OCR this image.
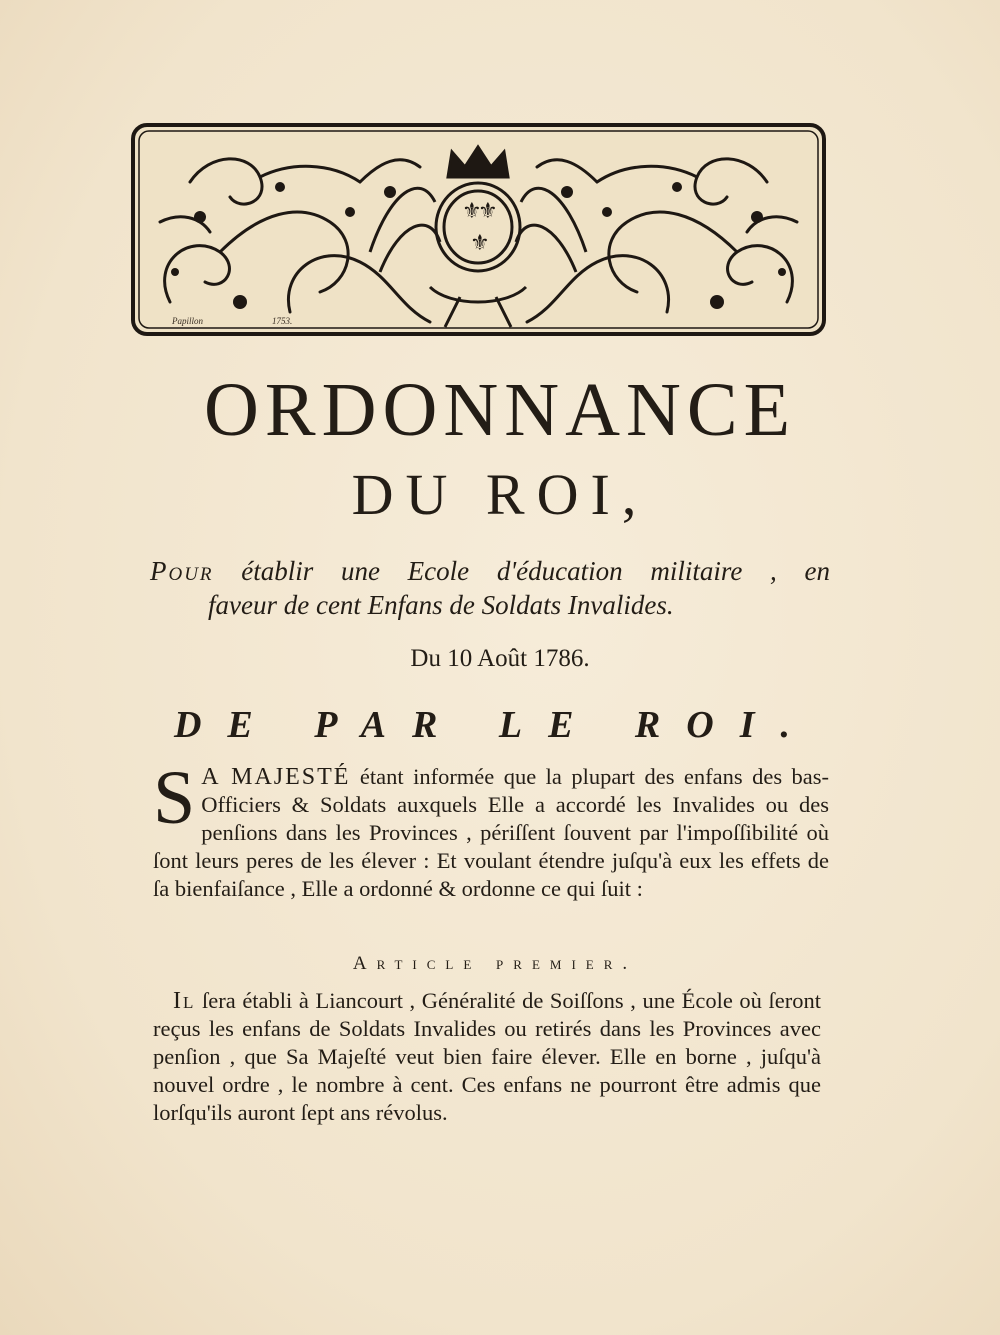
⚜
⚜
⚜
Papillon	1753.
ORDONNANCE
DU ROI,
Pour établir une Ecole d'éducation militaire , en
faveur de cent Enfans de Soldats Invalides.
Du 10 Août 1786.
DE PAR LE ROI.
S A MAJESTÉ étant informée que la plupart des enfans des bas-Officiers & Soldats auxquels Elle a accordé les Invalides ou des penſions dans les Provinces , périſſent ſouvent par l'impoſſibilité où ſont leurs peres de les élever : Et voulant étendre juſqu'à eux les effets de ſa bienfaiſance , Elle a ordonné & ordonne ce qui ſuit :
Article premier.
Il ſera établi à Liancourt , Généralité de Soiſſons , une École où ſeront reçus les enfans de Soldats Invalides ou retirés dans les Provinces avec penſion , que Sa Majeſté veut bien faire élever. Elle en borne , juſqu'à nouvel ordre , le nombre à cent. Ces enfans ne pourront être admis que lorſqu'ils auront ſept ans révolus.
